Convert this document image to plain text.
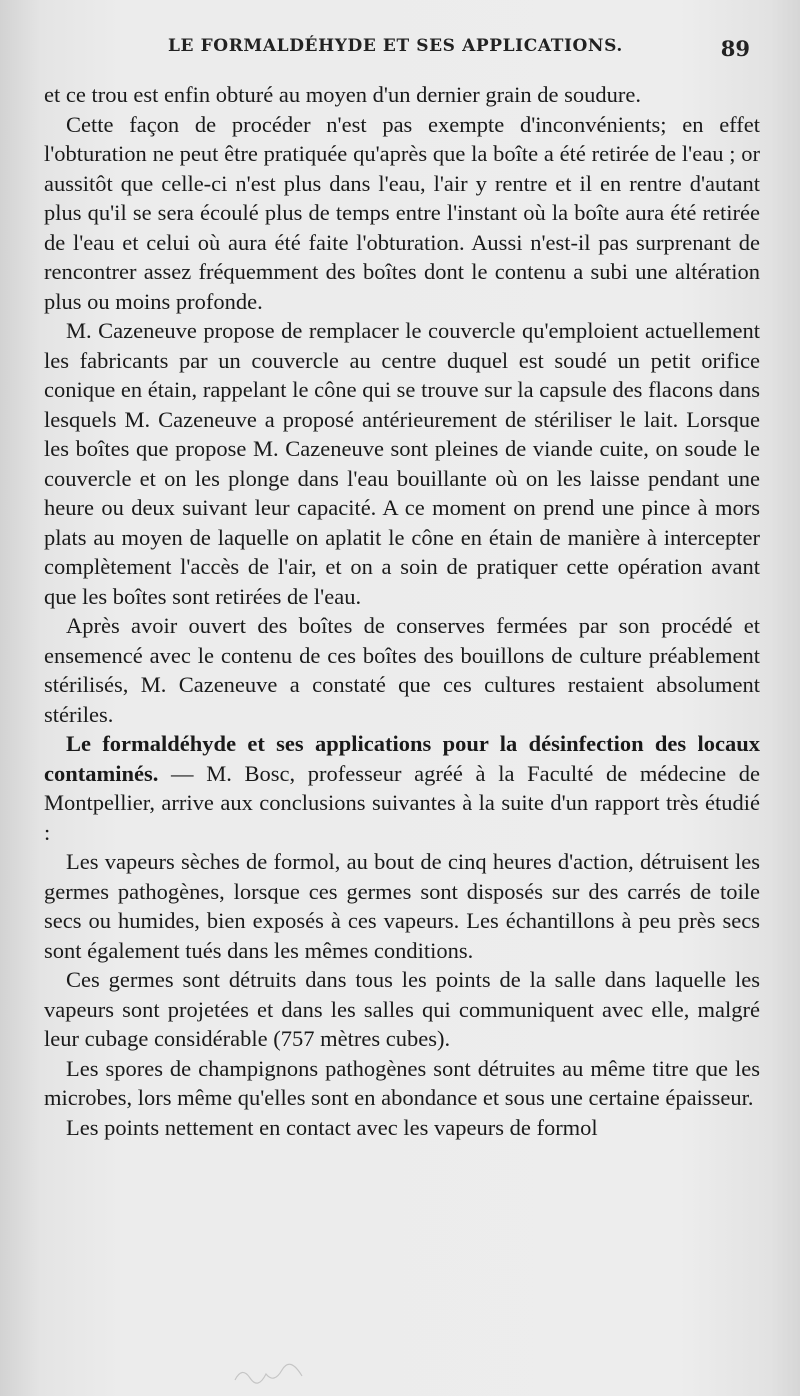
LE FORMALDÉHYDE ET SES APPLICATIONS.	89

et ce trou est enfin obturé au moyen d'un dernier grain de soudure.

Cette façon de procéder n'est pas exempte d'inconvénients; en effet l'obturation ne peut être pratiquée qu'après que la boîte a été retirée de l'eau ; or aussitôt que celle-ci n'est plus dans l'eau, l'air y rentre et il en rentre d'autant plus qu'il se sera écoulé plus de temps entre l'instant où la boîte aura été retirée de l'eau et celui où aura été faite l'obturation. Aussi n'est-il pas surprenant de rencontrer assez fréquemment des boîtes dont le contenu a subi une altération plus ou moins profonde.

M. Cazeneuve propose de remplacer le couvercle qu'emploient actuellement les fabricants par un couvercle au centre duquel est soudé un petit orifice conique en étain, rappelant le cône qui se trouve sur la capsule des flacons dans lesquels M. Cazeneuve a proposé antérieurement de stériliser le lait. Lorsque les boîtes que propose M. Cazeneuve sont pleines de viande cuite, on soude le couvercle et on les plonge dans l'eau bouillante où on les laisse pendant une heure ou deux suivant leur capacité. A ce moment on prend une pince à mors plats au moyen de laquelle on aplatit le cône en étain de manière à intercepter complètement l'accès de l'air, et on a soin de pratiquer cette opération avant que les boîtes sont retirées de l'eau.

Après avoir ouvert des boîtes de conserves fermées par son procédé et ensemencé avec le contenu de ces boîtes des bouillons de culture préablement stérilisés, M. Cazeneuve a constaté que ces cultures restaient absolument stériles.

Le formaldéhyde et ses applications pour la désinfection des locaux contaminés. — M. Bosc, professeur agréé à la Faculté de médecine de Montpellier, arrive aux conclusions suivantes à la suite d'un rapport très étudié :

Les vapeurs sèches de formol, au bout de cinq heures d'action, détruisent les germes pathogènes, lorsque ces germes sont disposés sur des carrés de toile secs ou humides, bien exposés à ces vapeurs. Les échantillons à peu près secs sont également tués dans les mêmes conditions.

Ces germes sont détruits dans tous les points de la salle dans laquelle les vapeurs sont projetées et dans les salles qui communiquent avec elle, malgré leur cubage considérable (757 mètres cubes).

Les spores de champignons pathogènes sont détruites au même titre que les microbes, lors même qu'elles sont en abondance et sous une certaine épaisseur.

Les points nettement en contact avec les vapeurs de formol
